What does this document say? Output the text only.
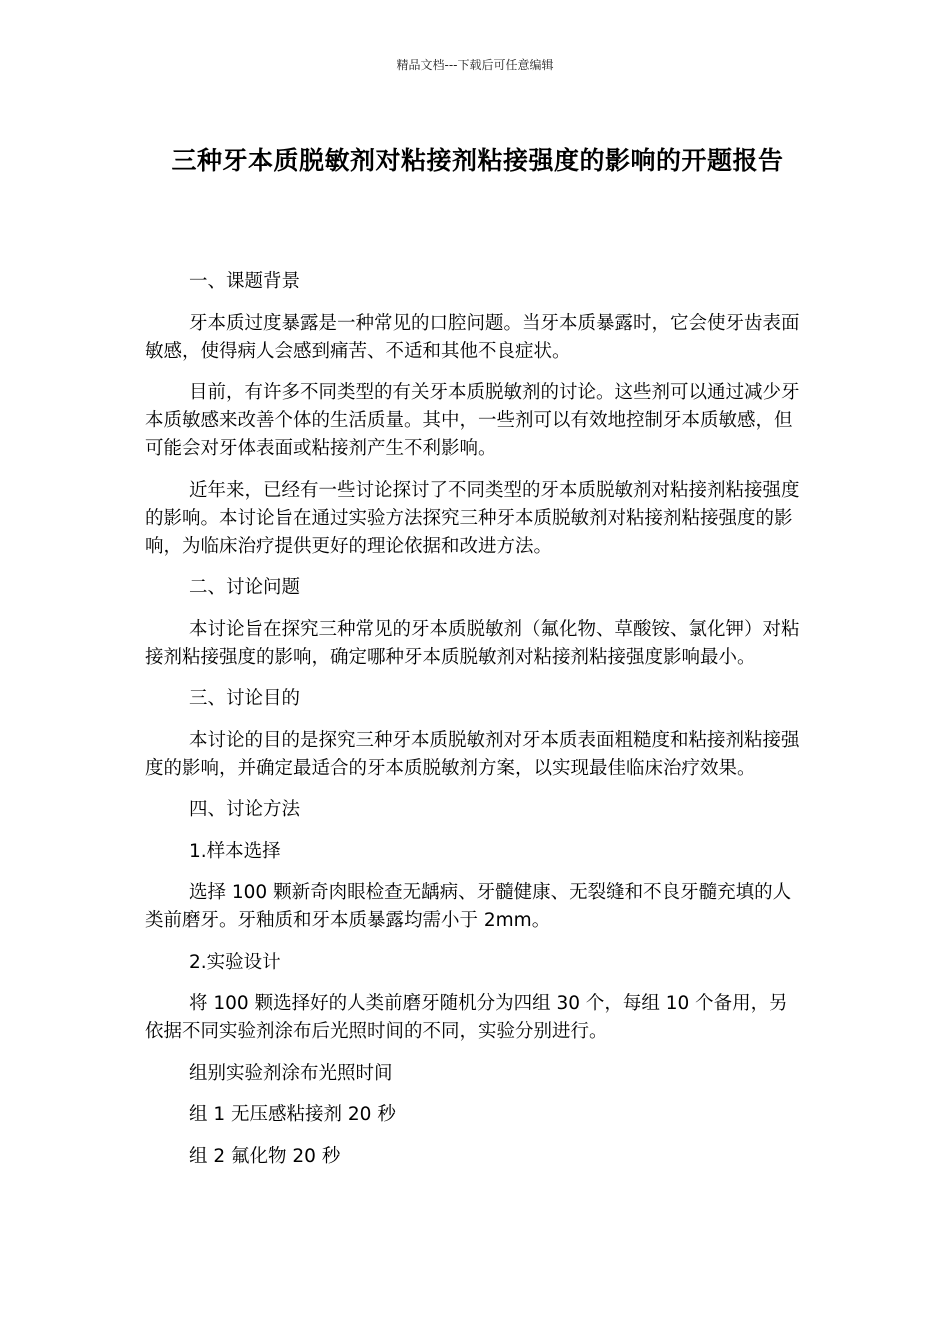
精品文档---下载后可任意编辑
三种牙本质脱敏剂对粘接剂粘接强度的影响的开题报告

一、课题背景

牙本质过度暴露是一种常见的口腔问题。当牙本质暴露时，它会使牙齿表面敏感，使得病人会感到痛苦、不适和其他不良症状。

目前，有许多不同类型的有关牙本质脱敏剂的讨论。这些剂可以通过减少牙本质敏感来改善个体的生活质量。其中，一些剂可以有效地控制牙本质敏感，但可能会对牙体表面或粘接剂产生不利影响。

近年来，已经有一些讨论探讨了不同类型的牙本质脱敏剂对粘接剂粘接强度的影响。本讨论旨在通过实验方法探究三种牙本质脱敏剂对粘接剂粘接强度的影响，为临床治疗提供更好的理论依据和改进方法。

二、讨论问题

本讨论旨在探究三种常见的牙本质脱敏剂（氟化物、草酸铵、氯化钾）对粘接剂粘接强度的影响，确定哪种牙本质脱敏剂对粘接剂粘接强度影响最小。

三、讨论目的

本讨论的目的是探究三种牙本质脱敏剂对牙本质表面粗糙度和粘接剂粘接强度的影响，并确定最适合的牙本质脱敏剂方案，以实现最佳临床治疗效果。

四、讨论方法

1.样本选择

选择 100 颗新奇肉眼检查无龋病、牙髓健康、无裂缝和不良牙髓充填的人类前磨牙。牙釉质和牙本质暴露均需小于 2mm。

2.实验设计

将 100 颗选择好的人类前磨牙随机分为四组 30 个，每组 10 个备用，另依据不同实验剂涂布后光照时间的不同，实验分别进行。

组别实验剂涂布光照时间

组 1 无压感粘接剂 20 秒

组 2 氟化物 20 秒
